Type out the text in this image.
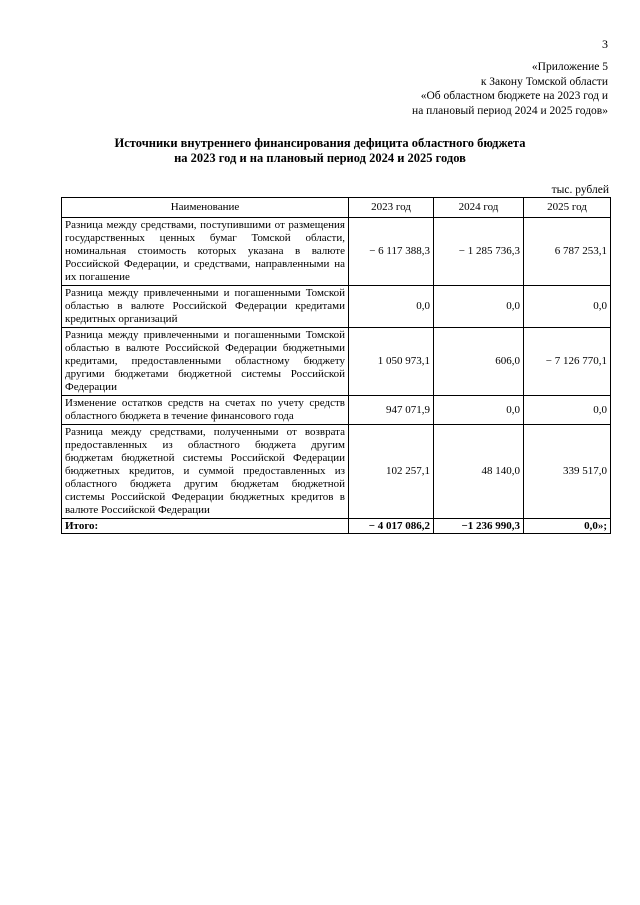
3
«Приложение 5
к Закону Томской области
«Об областном бюджете на 2023 год и
на плановый период 2024 и 2025 годов»
Источники внутреннего финансирования дефицита областного бюджета
на 2023 год и на плановый период 2024 и 2025 годов
тыс. рублей
Наименование	2023 год	2024 год	2025 год
Разница между средствами, поступившими от размещения государственных ценных бумаг Томской области, номинальная стоимость которых указана в валюте Российской Федерации, и средствами, направленными на их погашение	− 6 117 388,3	− 1 285 736,3	6 787 253,1
Разница между привлеченными и погашенными Томской областью в валюте Российской Федерации кредитами кредитных организаций	0,0	0,0	0,0
Разница между привлеченными и погашенными Томской областью в валюте Российской Федерации бюджетными кредитами, предоставленными областному бюджету другими бюджетами бюджетной системы Российской Федерации	1 050 973,1	606,0	− 7 126 770,1
Изменение остатков средств на счетах по учету средств областного бюджета в течение финансового года	947 071,9	0,0	0,0
Разница между средствами, полученными от возврата предоставленных из областного бюджета другим бюджетам бюджетной системы Российской Федерации бюджетных кредитов, и суммой предоставленных из областного бюджета другим бюджетам бюджетной системы Российской Федерации бюджетных кредитов в валюте Российской Федерации	102 257,1	48 140,0	339 517,0
Итого:	− 4 017 086,2	−1 236 990,3	0,0»;
